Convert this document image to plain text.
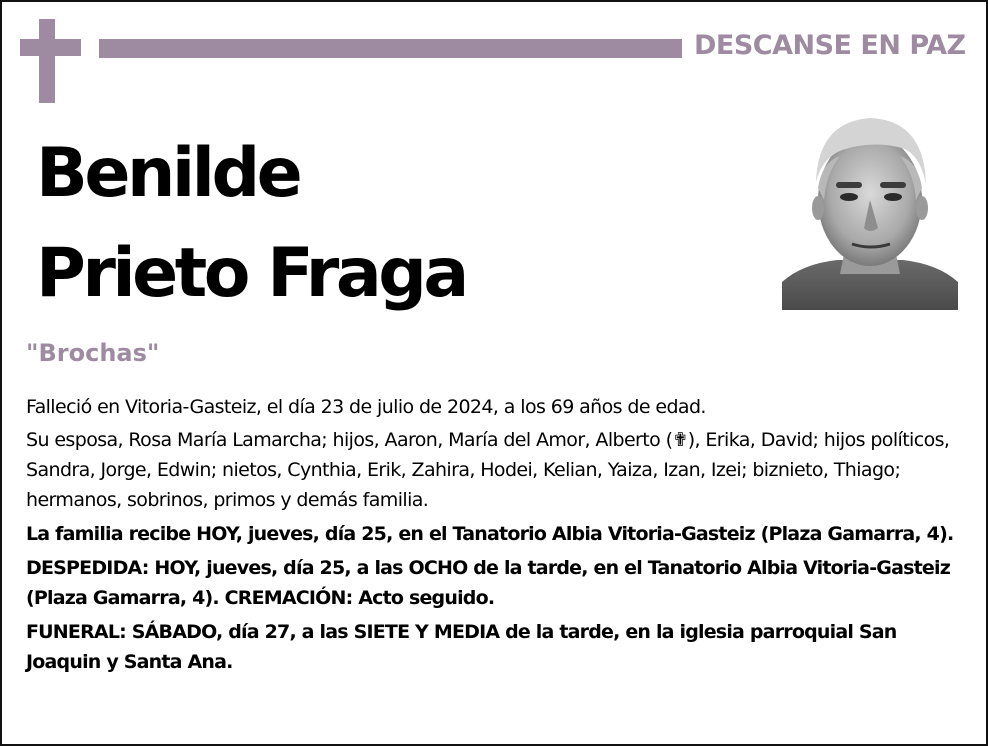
DESCANSE EN PAZ
Benilde
Prieto Fraga
"Brochas"

Falleció en Vitoria-Gasteiz, el día 23 de julio de 2024, a los 69 años de edad.

Su esposa, Rosa María Lamarcha; hijos, Aaron, María del Amor, Alberto (✟), Erika, David; hijos políticos, Sandra, Jorge, Edwin; nietos, Cynthia, Erik, Zahira, Hodei, Kelian, Yaiza, Izan, Izei; biznieto, Thiago; hermanos, sobrinos, primos y demás familia.

La familia recibe HOY, jueves, día 25, en el Tanatorio Albia Vitoria-Gasteiz (Plaza Gamarra, 4).

DESPEDIDA: HOY, jueves, día 25, a las OCHO de la tarde, en el Tanatorio Albia Vitoria-Gasteiz (Plaza Gamarra, 4). CREMACIÓN: Acto seguido.

FUNERAL: SÁBADO, día 27, a las SIETE Y MEDIA de la tarde, en la iglesia parroquial San Joaquin y Santa Ana.
